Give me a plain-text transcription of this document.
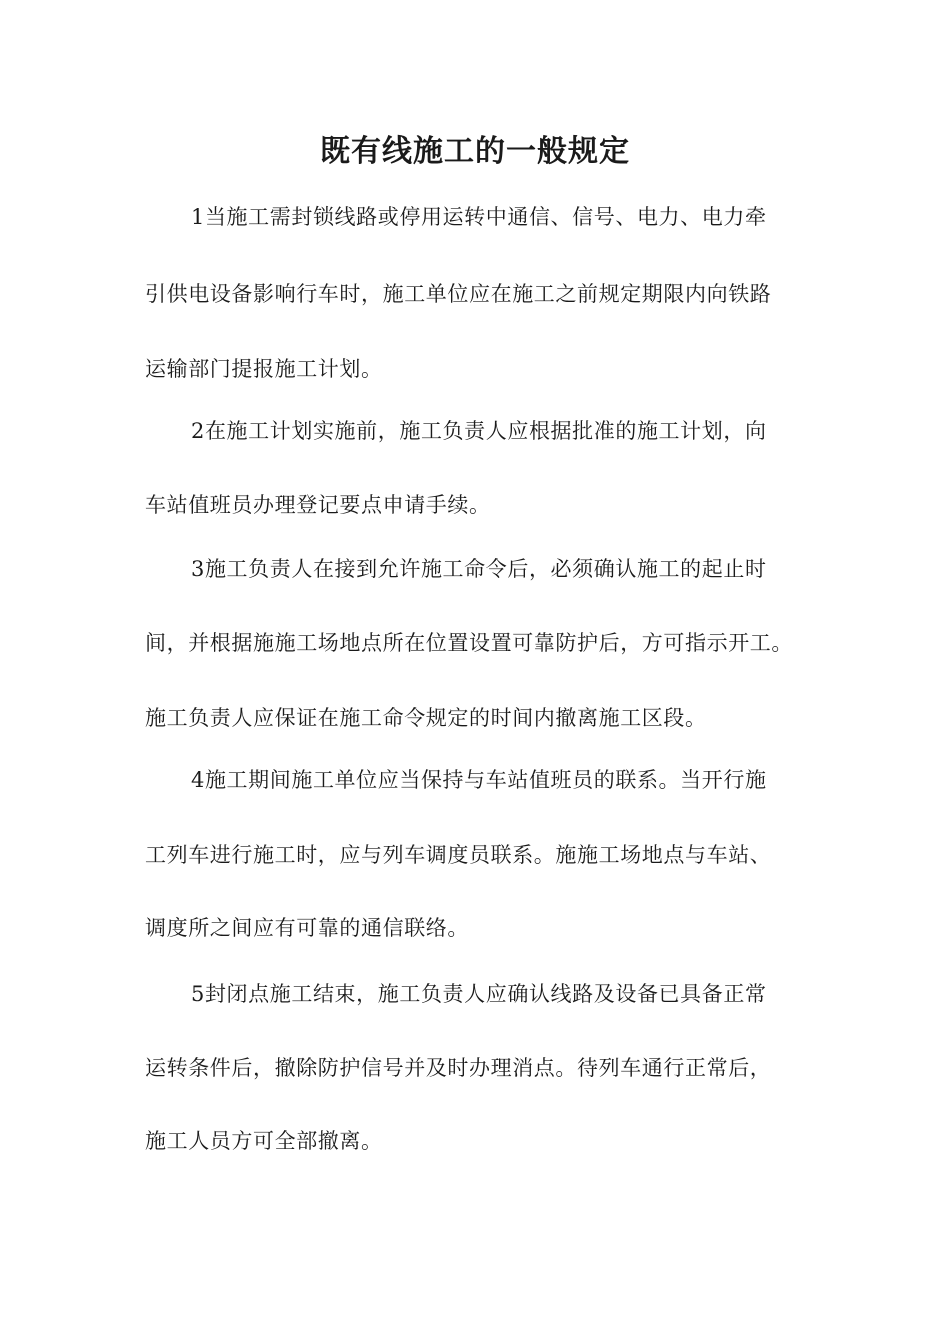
既有线施工的一般规定

1当施工需封锁线路或停用运转中通信、信号、电力、电力牵

引供电设备影响行车时，施工单位应在施工之前规定期限内向铁路

运输部门提报施工计划。

2在施工计划实施前，施工负责人应根据批准的施工计划，向

车站值班员办理登记要点申请手续。

3施工负责人在接到允许施工命令后，必须确认施工的起止时

间，并根据施施工场地点所在位置设置可靠防护后，方可指示开工。

施工负责人应保证在施工命令规定的时间内撤离施工区段。

4施工期间施工单位应当保持与车站值班员的联系。当开行施

工列车进行施工时，应与列车调度员联系。施施工场地点与车站、

调度所之间应有可靠的通信联络。

5封闭点施工结束，施工负责人应确认线路及设备已具备正常

运转条件后，撤除防护信号并及时办理消点。待列车通行正常后，

施工人员方可全部撤离。
